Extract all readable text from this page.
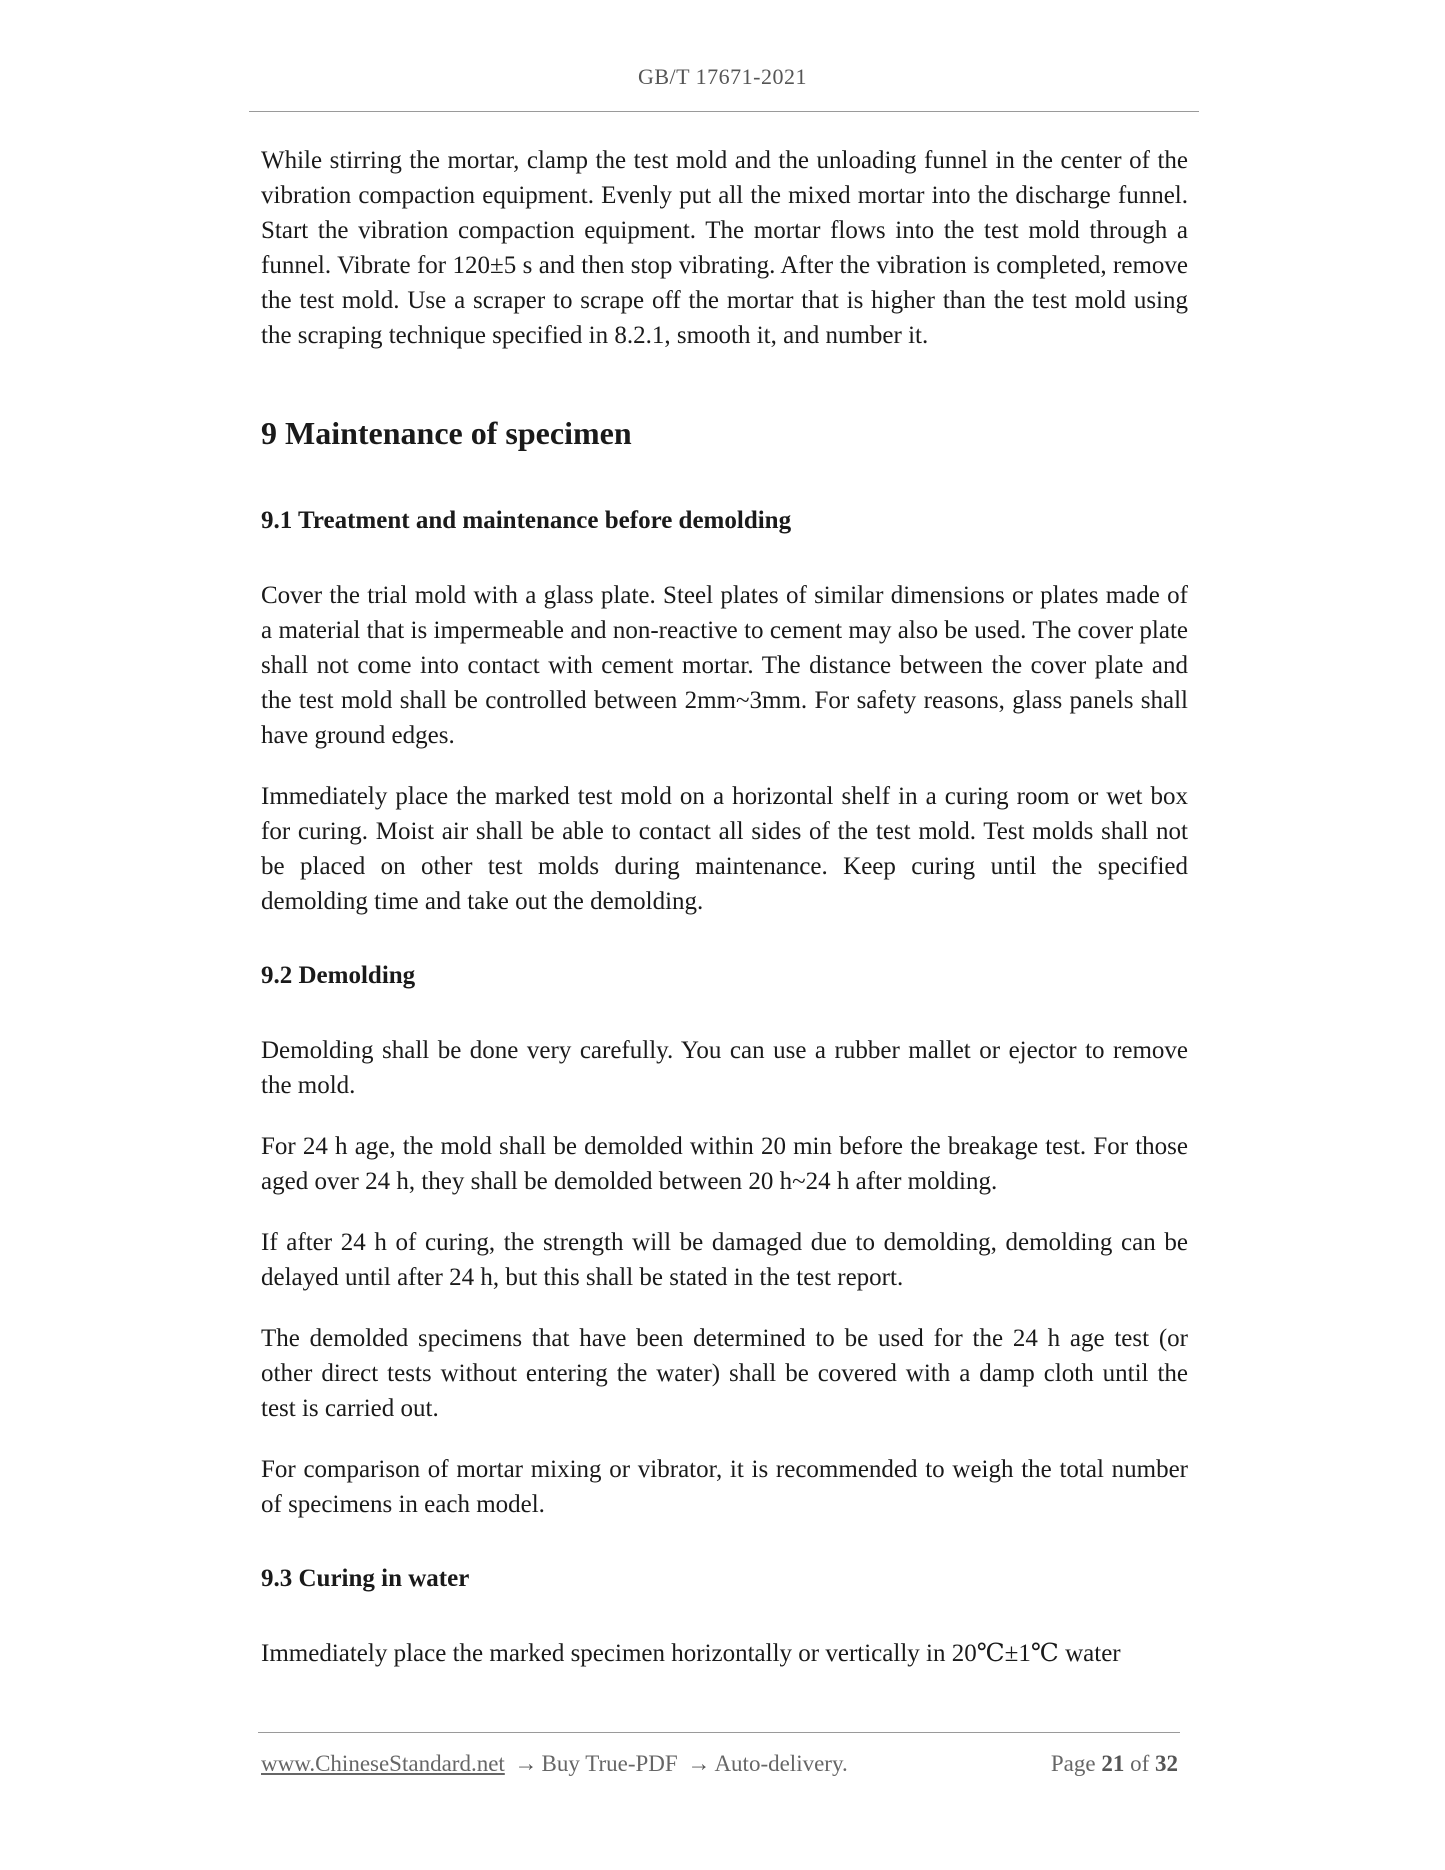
GB/T 17671-2021

While stirring the mortar, clamp the test mold and the unloading funnel in the center of the vibration compaction equipment. Evenly put all the mixed mortar into the discharge funnel. Start the vibration compaction equipment. The mortar flows into the test mold through a funnel. Vibrate for 120±5 s and then stop vibrating. After the vibration is completed, remove the test mold. Use a scraper to scrape off the mortar that is higher than the test mold using the scraping technique specified in 8.2.1, smooth it, and number it.

9 Maintenance of specimen
9.1 Treatment and maintenance before demolding

Cover the trial mold with a glass plate. Steel plates of similar dimensions or plates made of a material that is impermeable and non-reactive to cement may also be used. The cover plate shall not come into contact with cement mortar. The distance between the cover plate and the test mold shall be controlled between 2mm~3mm. For safety reasons, glass panels shall have ground edges.

Immediately place the marked test mold on a horizontal shelf in a curing room or wet box for curing. Moist air shall be able to contact all sides of the test mold. Test molds shall not be placed on other test molds during maintenance. Keep curing until the specified demolding time and take out the demolding.

9.2 Demolding

Demolding shall be done very carefully. You can use a rubber mallet or ejector to remove the mold.

For 24 h age, the mold shall be demolded within 20 min before the breakage test. For those aged over 24 h, they shall be demolded between 20 h~24 h after molding.

If after 24 h of curing, the strength will be damaged due to demolding, demolding can be delayed until after 24 h, but this shall be stated in the test report.

The demolded specimens that have been determined to be used for the 24 h age test (or other direct tests without entering the water) shall be covered with a damp cloth until the test is carried out.

For comparison of mortar mixing or vibrator, it is recommended to weigh the total number of specimens in each model.

9.3 Curing in water

Immediately place the marked specimen horizontally or vertically in 20℃±1℃ water

www.ChineseStandard.net → Buy True-PDF → Auto-delivery.	Page 21 of 32
